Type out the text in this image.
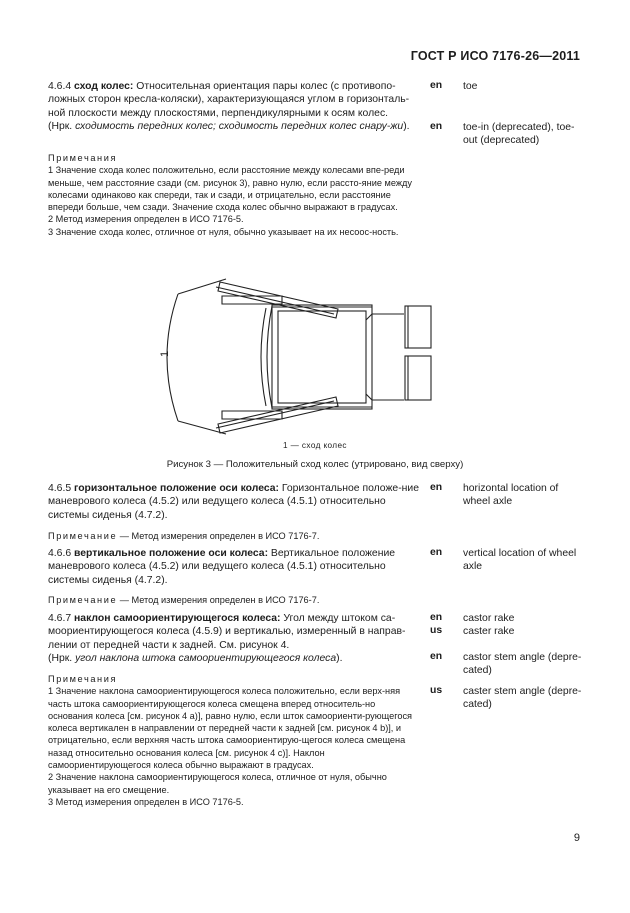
ГОСТ Р ИСО 7176-26—2011
4.6.4 сход колес: Относительная ориентация пары колес (с противопо-ложных сторон кресла-коляски), характеризующаяся углом в горизонталь-ной плоскости между плоскостями, перпендикулярными к осям колес.
(Нрк. сходимость передних колес; сходимость передних колес снару-жи).
en toe
en toe-in (deprecated), toe-out (deprecated)
Примечания
1 Значение схода колес положительно, если расстояние между колесами впе-реди меньше, чем расстояние сзади (см. рисунок 3), равно нулю, если рассто-яние между колесами одинаково как спереди, так и сзади, и отрицательно, если расстояние впереди больше, чем сзади. Значение схода колес обычно выражают в градусах.
2 Метод измерения определен в ИСО 7176-5.
3 Значение схода колес, отличное от нуля, обычно указывает на их несоос-ность.
1
1 — сход колес
Рисунок 3 — Положительный сход колес (утрировано, вид сверху)
4.6.5 горизонтальное положение оси колеса: Горизонтальное положе-ние маневрового колеса (4.5.2) или ведущего колеса (4.5.1) относительно системы сиденья (4.7.2).
en horizontal location of wheel axle
Примечание — Метод измерения определен в ИСО 7176-7.
4.6.6 вертикальное положение оси колеса: Вертикальное положение маневрового колеса (4.5.2) или ведущего колеса (4.5.1) относительно системы сиденья (4.7.2).
en vertical location of wheel axle
Примечание — Метод измерения определен в ИСО 7176-7.
4.6.7 наклон самоориентирующегося колеса: Угол между штоком са-моориентирующегося колеса (4.5.9) и вертикалью, измеренный в направ-лении от передней части к задней. См. рисунок 4.
(Нрк. угол наклона штока самоориентирующегося колеса).
en castor rake
us caster rake
en castor stem angle (depre-cated)
us caster stem angle (depre-cated)
Примечания
1 Значение наклона самоориентирующегося колеса положительно, если верх-няя часть штока самоориентирующегося колеса смещена вперед относитель-но основания колеса [см. рисунок 4 а)], равно нулю, если шток самоориенти-рующегося колеса вертикален в направлении от передней части к задней [см. рисунок 4 b)], и отрицательно, если верхняя часть штока самоориентирую-щегося колеса смещена назад относительно основания колеса [см. рисунок 4 с)]. Наклон самоориентирующегося колеса обычно выражают в градусах.
2 Значение наклона самоориентирующегося колеса, отличное от нуля, обычно указывает на его смещение.
3 Метод измерения определен в ИСО 7176-5.
9
